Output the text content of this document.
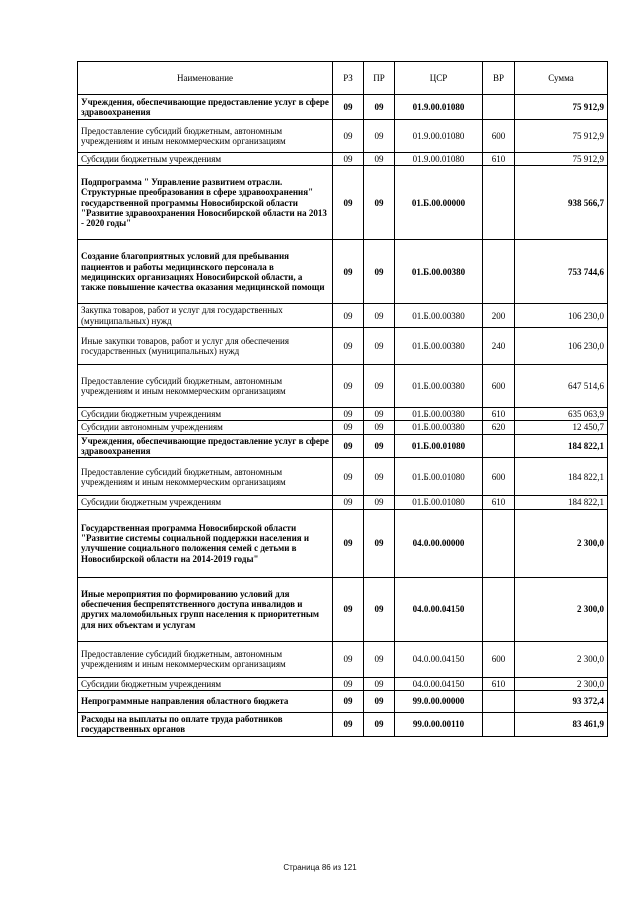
Наименование	РЗ	ПР	ЦСР	ВР	Сумма
Учреждения, обеспечивающие предоставление услуг в сфере здравоохранения	09	09	01.9.00.01080		75 912,9
Предоставление субсидий бюджетным, автономным учреждениям и иным некоммерческим организациям	09	09	01.9.00.01080	600	75 912,9
Субсидии бюджетным учреждениям	09	09	01.9.00.01080	610	75 912,9
Подпрограмма " Управление развитием отрасли. Структурные преобразования в сфере здравоохранения" государственной программы Новосибирской области "Развитие здравоохранения Новосибирской области на 2013 - 2020 годы"	09	09	01.Б.00.00000		938 566,7
Создание благоприятных условий для пребывания пациентов и работы медицинского персонала в медицинских организациях Новосибирской области, а также повышение качества оказания медицинской помощи	09	09	01.Б.00.00380		753 744,6
Закупка товаров, работ и услуг для государственных (муниципальных) нужд	09	09	01.Б.00.00380	200	106 230,0
Иные закупки товаров, работ и услуг для обеспечения государственных (муниципальных) нужд	09	09	01.Б.00.00380	240	106 230,0
Предоставление субсидий бюджетным, автономным учреждениям и иным некоммерческим организациям	09	09	01.Б.00.00380	600	647 514,6
Субсидии бюджетным учреждениям	09	09	01.Б.00.00380	610	635 063,9
Субсидии автономным учреждениям	09	09	01.Б.00.00380	620	12 450,7
Учреждения, обеспечивающие предоставление услуг в сфере здравоохранения	09	09	01.Б.00.01080		184 822,1
Предоставление субсидий бюджетным, автономным учреждениям и иным некоммерческим организациям	09	09	01.Б.00.01080	600	184 822,1
Субсидии бюджетным учреждениям	09	09	01.Б.00.01080	610	184 822,1
Государственная программа Новосибирской области "Развитие системы социальной поддержки населения и улучшение социального положения семей с детьми в Новосибирской области на 2014-2019 годы"	09	09	04.0.00.00000		2 300,0
Иные мероприятия по формированию условий для обеспечения беспрепятственного доступа инвалидов и других маломобильных групп населения к приоритетным для них объектам и услугам	09	09	04.0.00.04150		2 300,0
Предоставление субсидий бюджетным, автономным учреждениям и иным некоммерческим организациям	09	09	04.0.00.04150	600	2 300,0
Субсидии бюджетным учреждениям	09	09	04.0.00.04150	610	2 300,0
Непрограммные направления областного бюджета	09	09	99.0.00.00000		93 372,4
Расходы на выплаты по оплате труда работников государственных органов	09	09	99.0.00.00110		83 461,9
Страница 86 из 121
